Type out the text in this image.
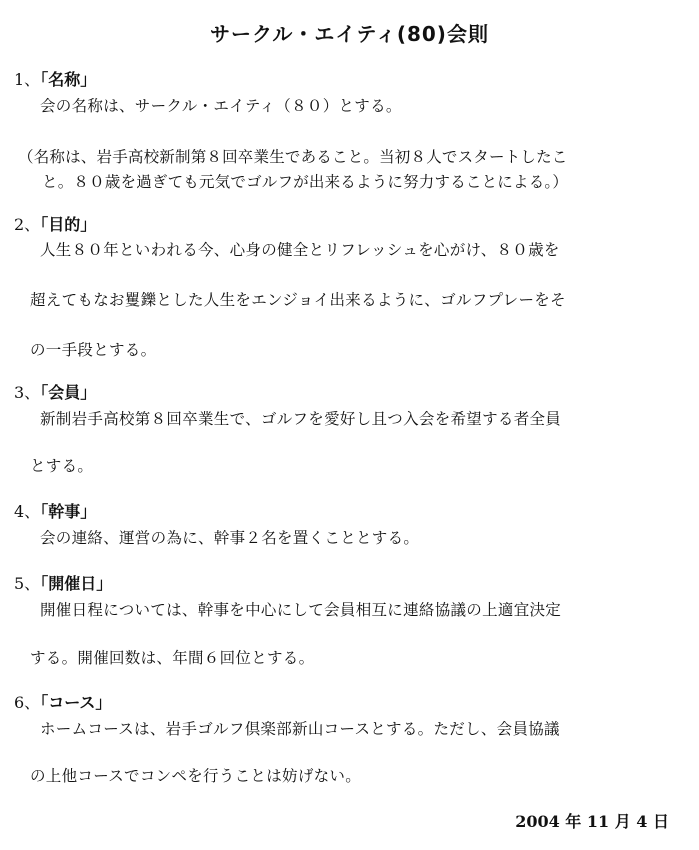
サークル・エイティ(80)会則
1、「名称」
会の名称は、サークル・エイティ（８０）とする。
（名称は、岩手高校新制第８回卒業生であること。当初８人でスタートしたこ
と。８０歳を過ぎても元気でゴルフが出来るように努力することによる。）
2、「目的」
人生８０年といわれる今、心身の健全とリフレッシュを心がけ、８０歳を
超えてもなお矍鑠とした人生をエンジョイ出来るように、ゴルフプレーをそ
の一手段とする。
3、「会員」
新制岩手高校第８回卒業生で、ゴルフを愛好し且つ入会を希望する者全員
とする。
4、「幹事」
会の連絡、運営の為に、幹事２名を置くこととする。
5、「開催日」
開催日程については、幹事を中心にして会員相互に連絡協議の上適宜決定
する。開催回数は、年間６回位とする。
6、「コース」
ホームコースは、岩手ゴルフ倶楽部新山コースとする。ただし、会員協議
の上他コースでコンペを行うことは妨げない。
2004 年 11 月 4 日
